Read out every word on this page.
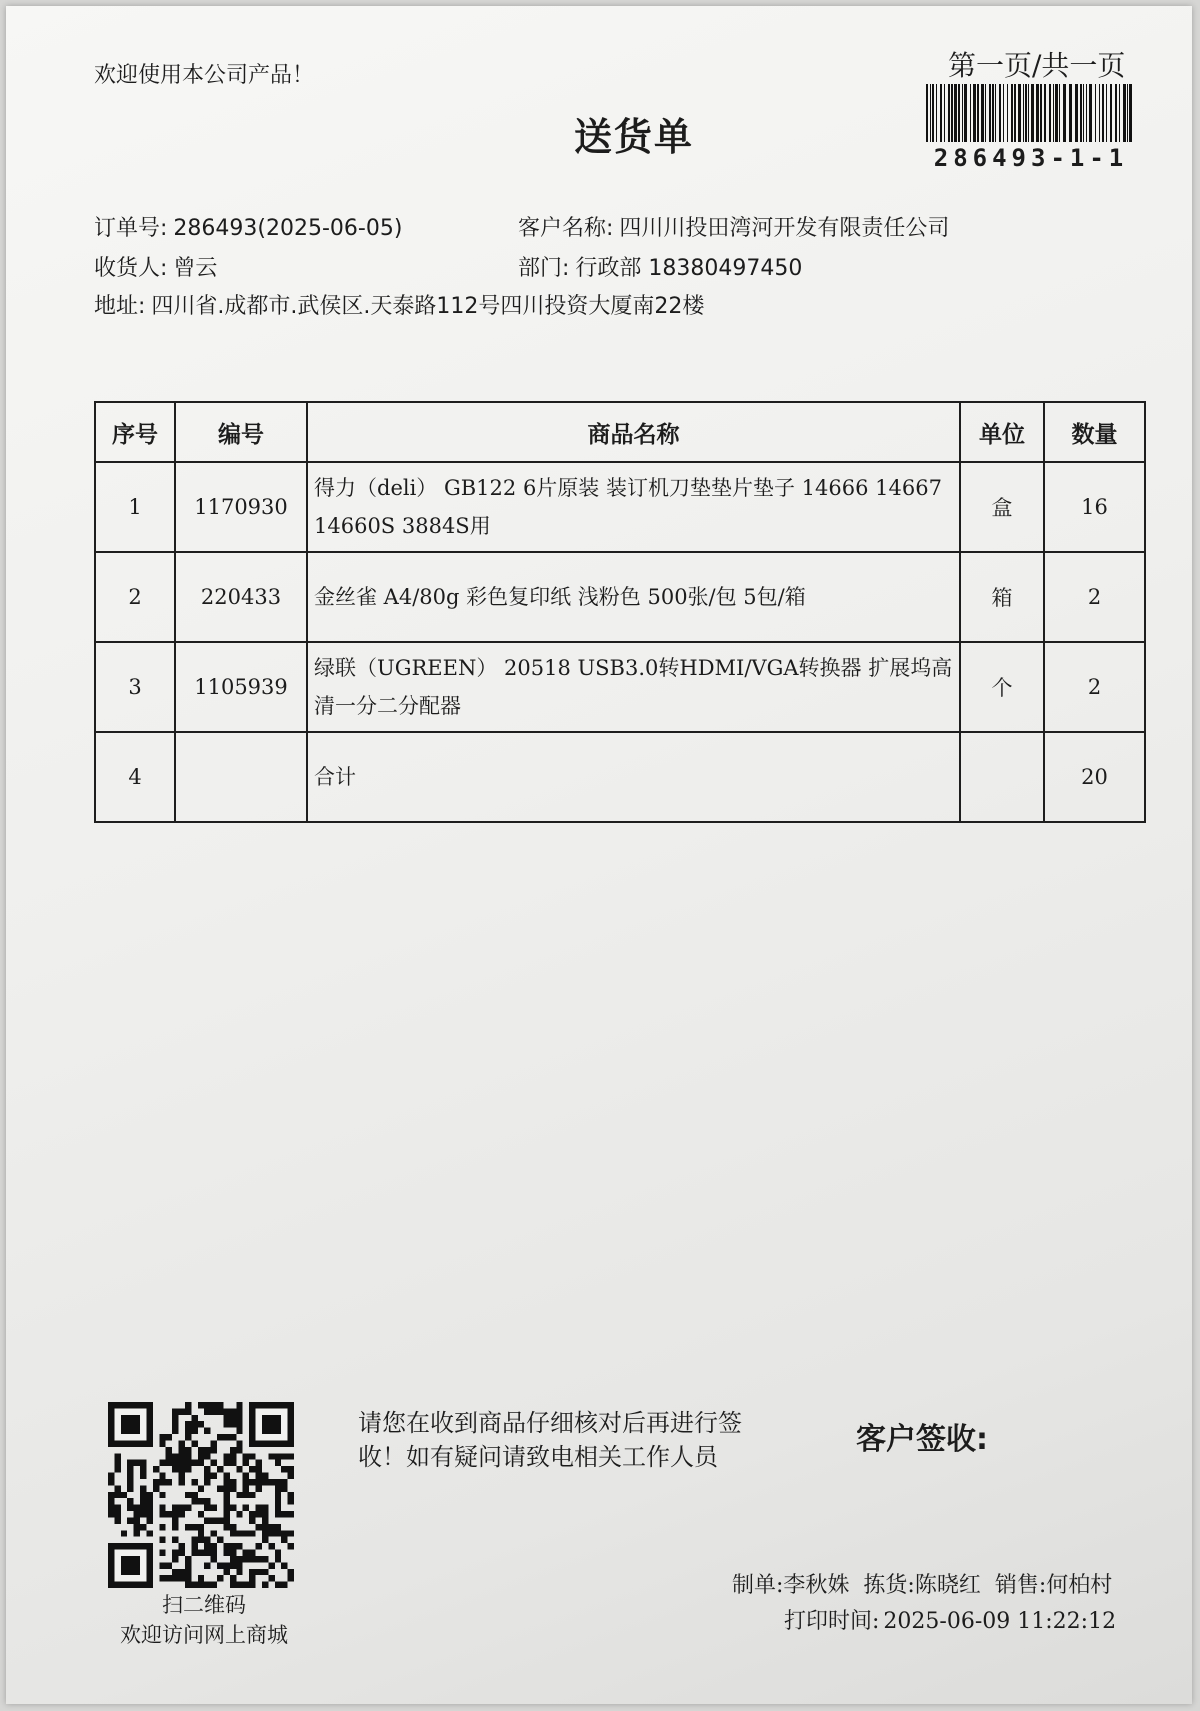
欢迎使用本公司产品！	第一页/共一页
送货单	286493-1-1
订单号: 286493(2025-06-05)	客户名称: 四川川投田湾河开发有限责任公司
收货人: 曾云	部门: 行政部 18380497450
地址: 四川省.成都市.武侯区.天泰路112号四川投资大厦南22楼
序号	编号	商品名称	单位	数量
1	1170930	得力（deli） GB122 6片原装 装订机刀垫垫片垫子 14666 14667 14660S 3884S用	盒	16
2	220433	金丝雀 A4/80g 彩色复印纸 浅粉色 500张/包 5包/箱	箱	2
3	1105939	绿联（UGREEN） 20518 USB3.0转HDMI/VGA转换器 扩展坞高清一分二分配器	个	2
4		合计		20
扫二维码
欢迎访问网上商城
请您在收到商品仔细核对后再进行签收！如有疑问请致电相关工作人员	客户签收:
制单:李秋姝 拣货:陈晓红 销售:何柏村
打印时间: 2025-06-09 11:22:12
